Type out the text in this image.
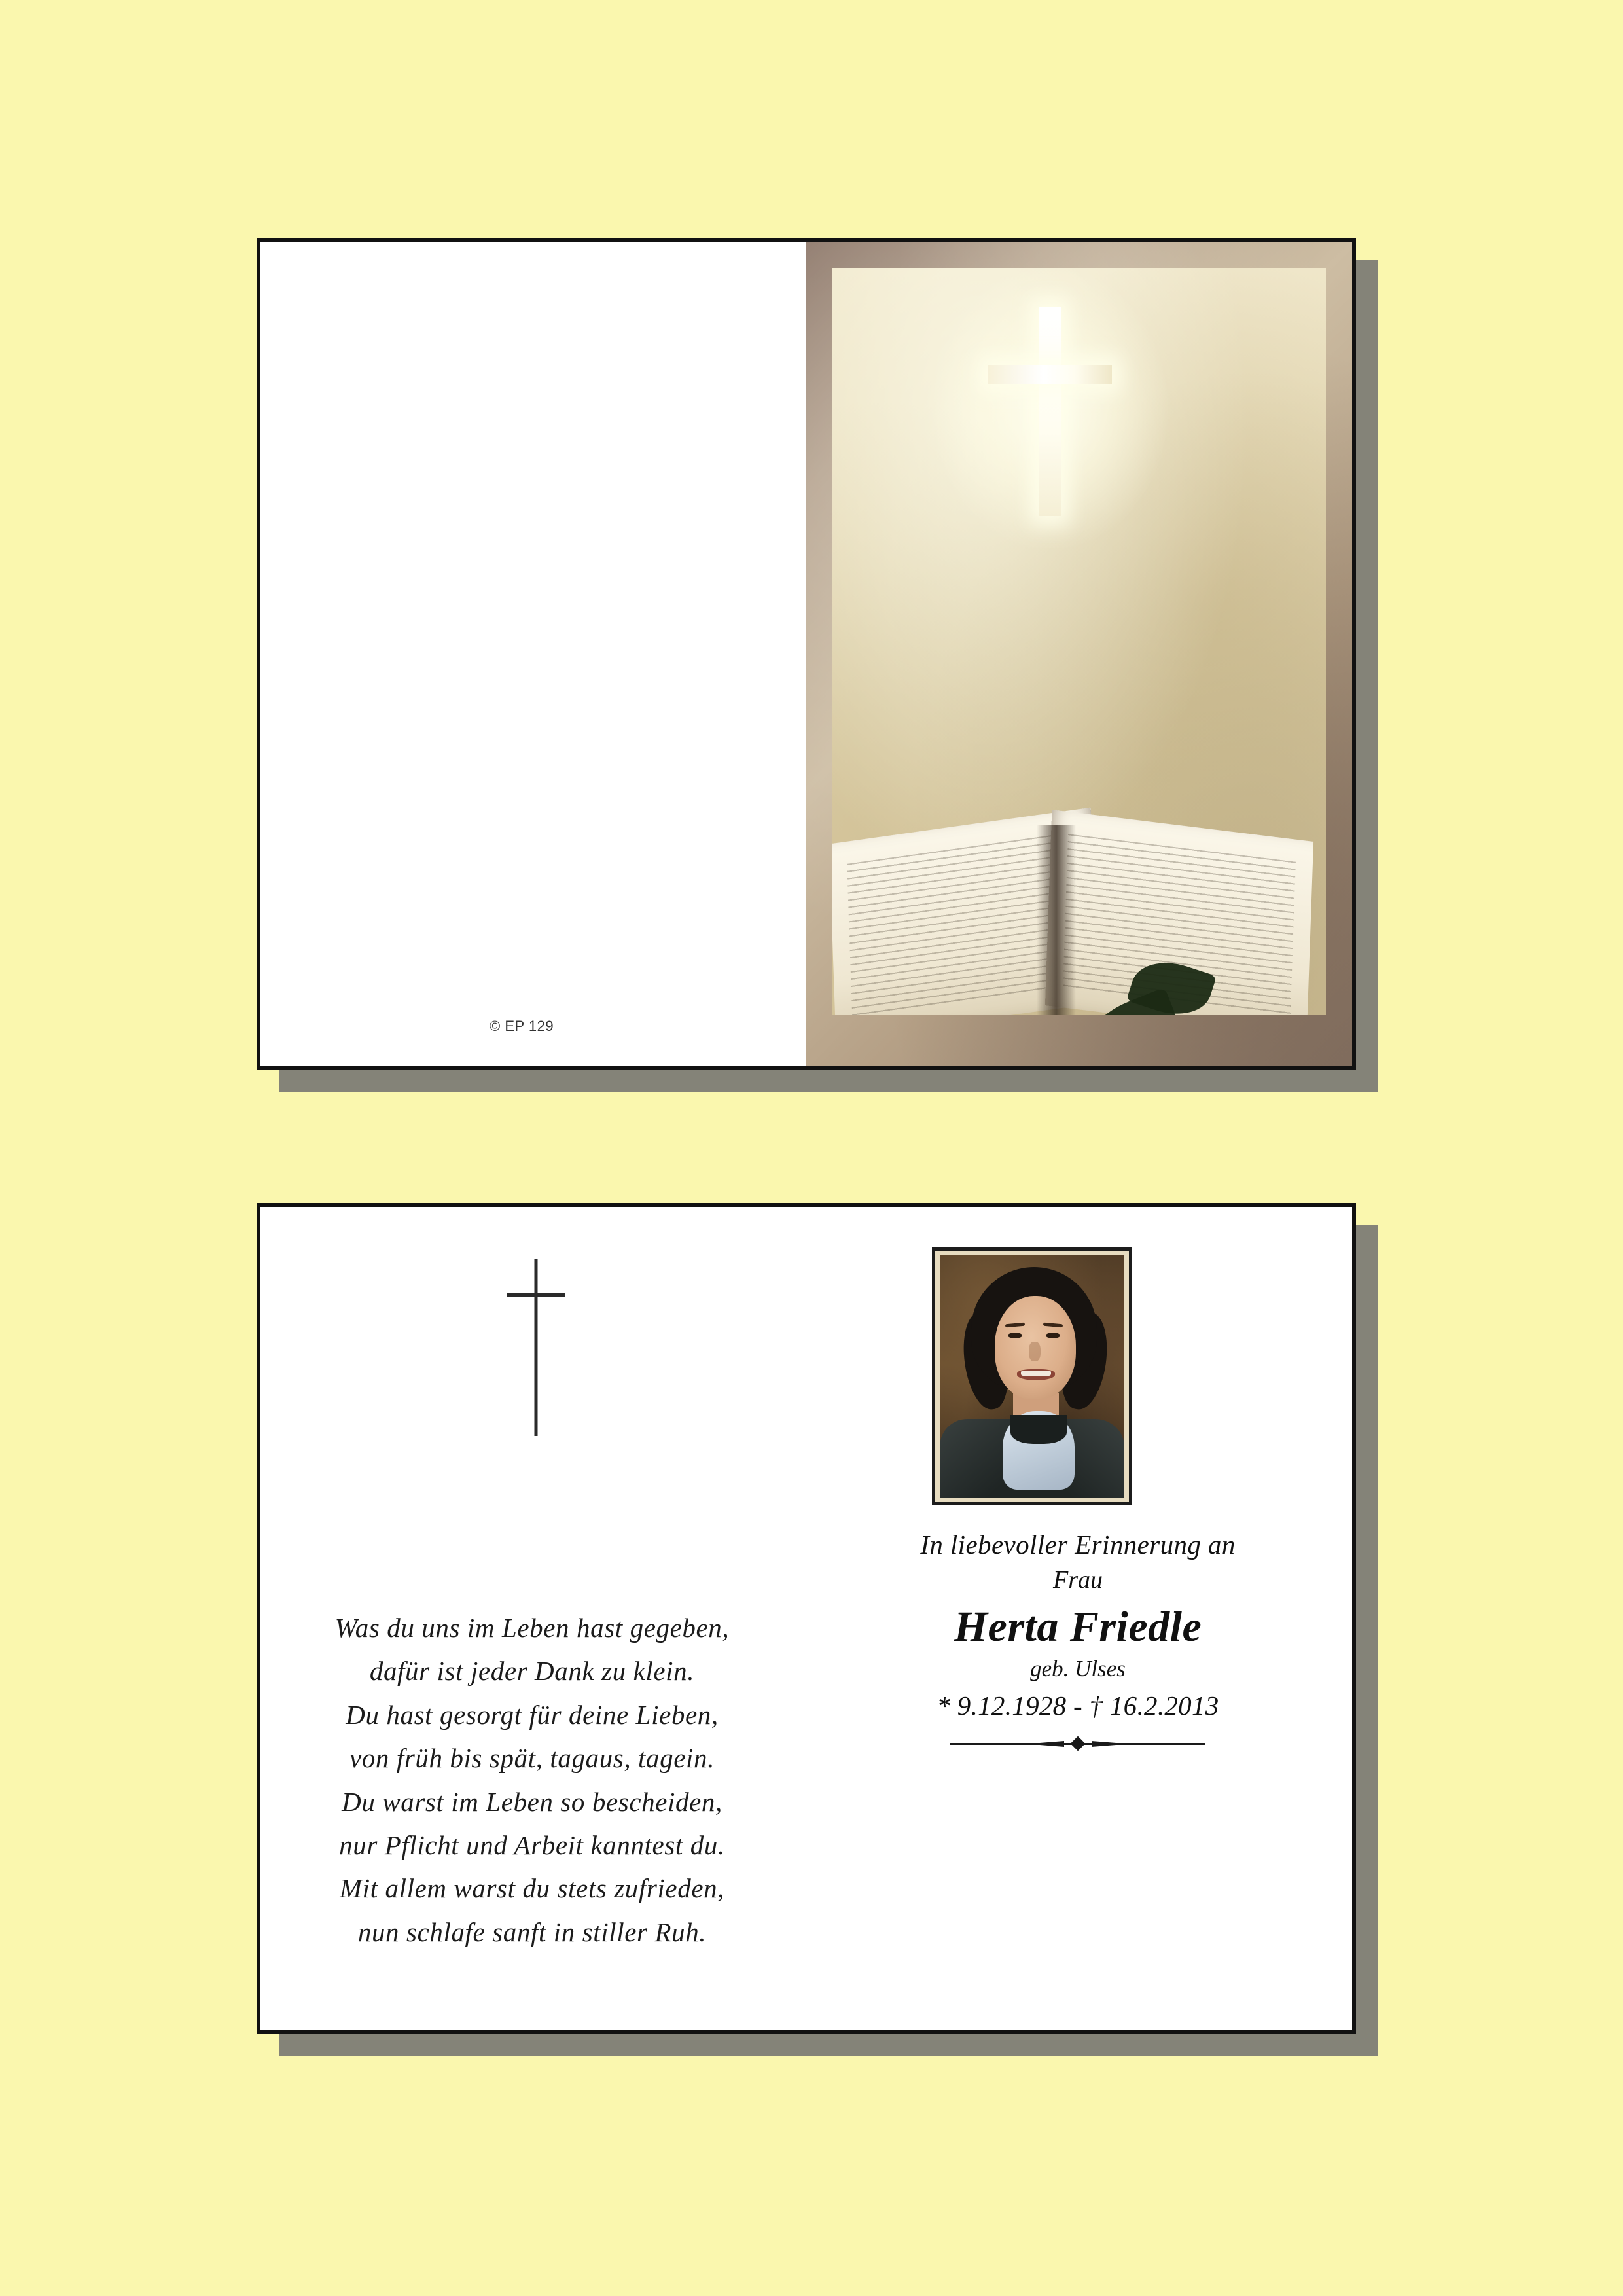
© EP 129
Was du uns im Leben hast gegeben,
dafür ist jeder Dank zu klein.
Du hast gesorgt für deine Lieben,
von früh bis spät, tagaus, tagein.
Du warst im Leben so bescheiden,
nur Pflicht und Arbeit kanntest du.
Mit allem warst du stets zufrieden,
nun schlafe sanft in stiller Ruh.
In liebevoller Erinnerung an
Frau
Herta Friedle
geb. Ulses
* 9.12.1928 - † 16.2.2013
